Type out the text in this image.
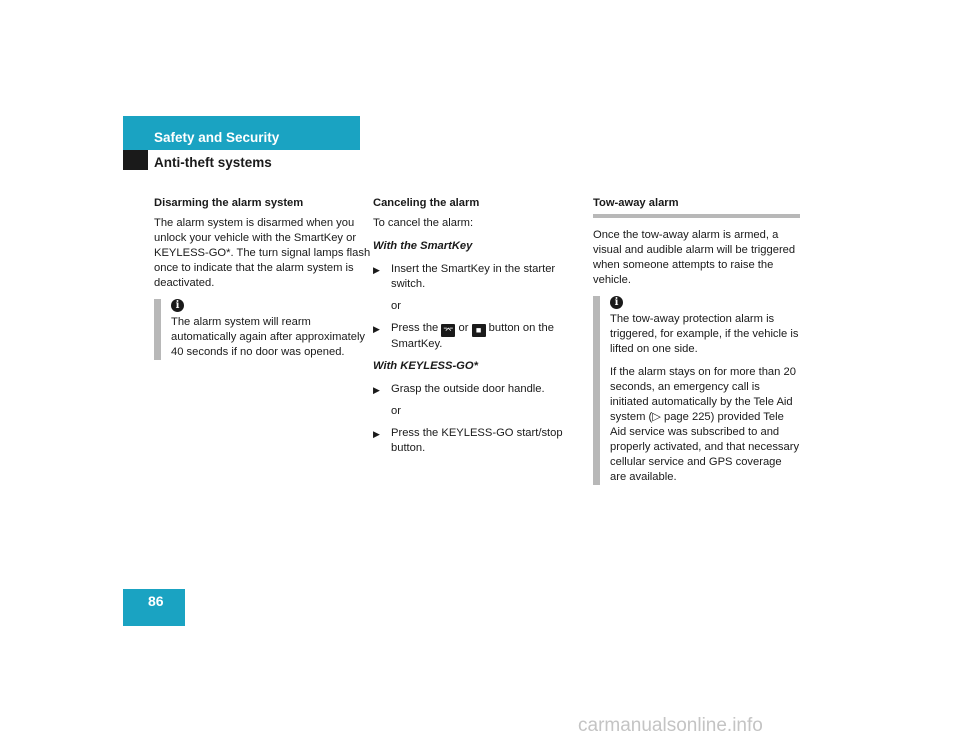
Safety and Security
Anti-theft systems
Disarming the alarm system
The alarm system is disarmed when you unlock your vehicle with the SmartKey or KEYLESS-GO*. The turn signal lamps flash once to indicate that the alarm system is deactivated.
i
The alarm system will rearm automatically again after approximately 40 seconds if no door was opened.
Canceling the alarm
To cancel the alarm:
With the SmartKey
▶ Insert the SmartKey in the starter switch.
or
▶ Press the ⌤ or ■ button on the SmartKey.
With KEYLESS-GO*
▶ Grasp the outside door handle.
or
▶ Press the KEYLESS-GO start/stop button.
Tow-away alarm
Once the tow-away alarm is armed, a visual and audible alarm will be triggered when someone attempts to raise the vehicle.
i
The tow-away protection alarm is triggered, for example, if the vehicle is lifted on one side.
If the alarm stays on for more than 20 seconds, an emergency call is initiated automatically by the Tele Aid system (▷ page 225) provided Tele Aid service was subscribed to and properly activated, and that necessary cellular service and GPS coverage are available.
86
carmanualsonline.info
